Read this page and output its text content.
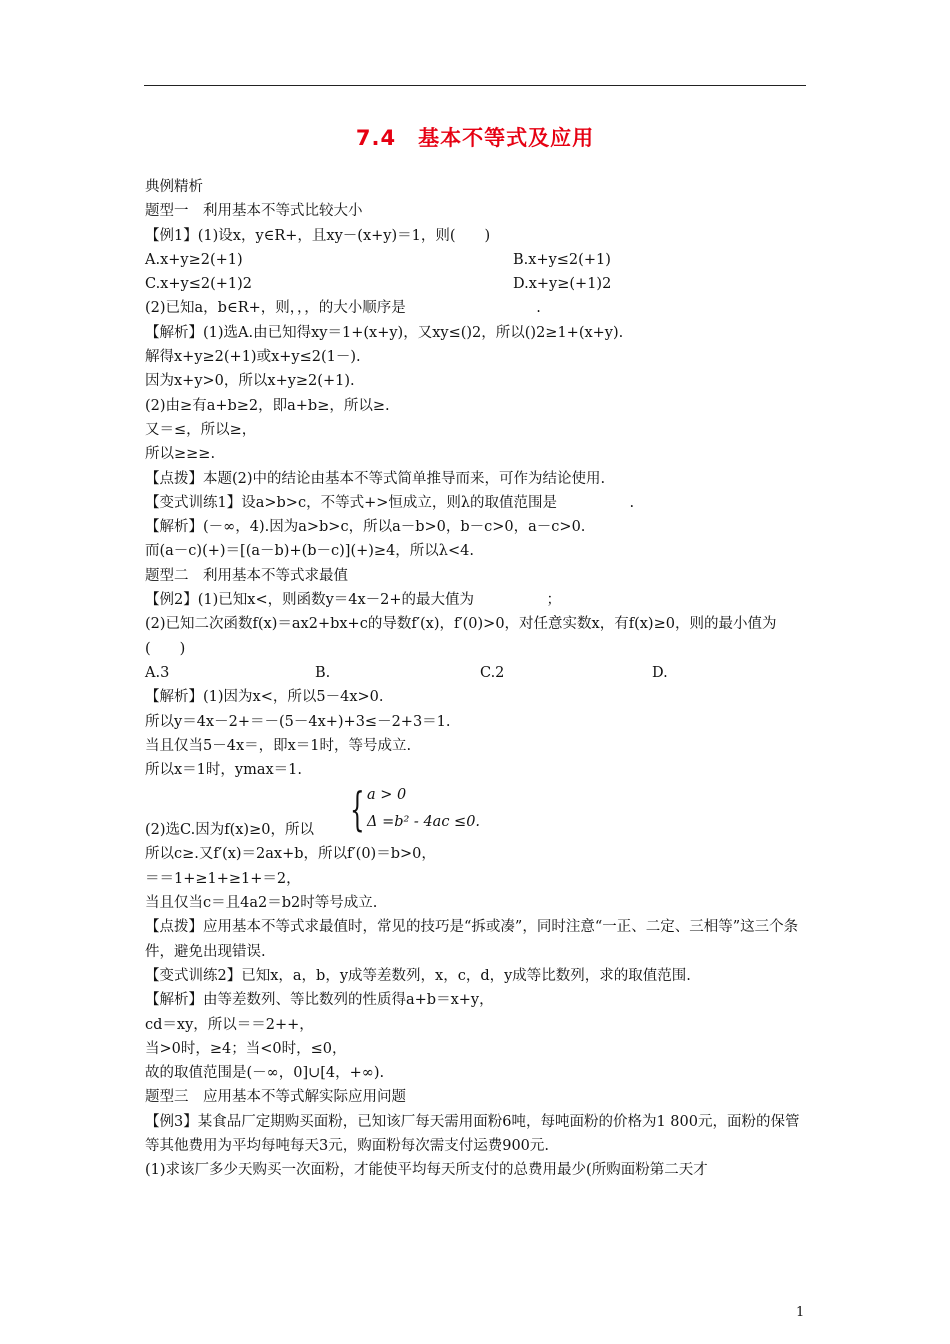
7.4　基本不等式及应用
典例精析
题型一　利用基本不等式比较大小
【例1】(1)设x，y∈R+，且xy－(x+y)＝1，则(　　)
A.x+y≥2(+1)	B.x+y≤2(+1)
C.x+y≤2(+1)2	D.x+y≥(+1)2
(2)已知a，b∈R+，则，，，的大小顺序是　　　　　　　　　.
【解析】(1)选A.由已知得xy＝1+(x+y)，又xy≤()2，所以()2≥1+(x+y).
解得x+y≥2(+1)或x+y≤2(1－).
因为x+y>0，所以x+y≥2(+1).
(2)由≥有a+b≥2，即a+b≥，所以≥.
又＝≤，所以≥，
所以≥≥≥.
【点拨】本题(2)中的结论由基本不等式简单推导而来，可作为结论使用.
【变式训练1】设a>b>c，不等式+>恒成立，则λ的取值范围是　　　　　.
【解析】(－∞，4).因为a>b>c，所以a－b>0，b－c>0，a－c>0.
而(a－c)(+)＝[(a－b)+(b－c)](+)≥4，所以λ<4.
题型二　利用基本不等式求最值
【例2】(1)已知x<，则函数y＝4x－2+的最大值为　　　　　；
(2)已知二次函数f(x)＝ax2+bx+c的导数f′(x)，f′(0)>0，对任意实数x，有f(x)≥0，则的最小值为(　　)
A.3	B.	C.2	D.
【解析】(1)因为x<，所以5－4x>0.
所以y＝4x－2+＝－(5－4x+)+3≤－2+3＝1.
当且仅当5－4x＝，即x＝1时，等号成立.
所以x＝1时，ymax＝1.
(2)选C.因为f(x)≥0，所以 { a > 0
Δ =b² - 4ac ≤0.
所以c≥.又f′(x)＝2ax+b，所以f′(0)＝b>0，
＝＝1+≥1+≥1+＝2，
当且仅当c＝且4a2＝b2时等号成立.
【点拨】应用基本不等式求最值时，常见的技巧是“拆或凑”，同时注意“一正、二定、三相等”这三个条件，避免出现错误.
【变式训练2】已知x，a，b，y成等差数列，x，c，d，y成等比数列，求的取值范围.
【解析】由等差数列、等比数列的性质得a+b＝x+y，
cd＝xy，所以＝＝2++，
当>0时，≥4；当<0时，≤0，
故的取值范围是(－∞，0]∪[4，+∞).
题型三　应用基本不等式解实际应用问题
【例3】某食品厂定期购买面粉，已知该厂每天需用面粉6吨，每吨面粉的价格为1 800元，面粉的保管等其他费用为平均每吨每天3元，购面粉每次需支付运费900元.
(1)求该厂多少天购买一次面粉，才能使平均每天所支付的总费用最少(所购面粉第二天才
1
